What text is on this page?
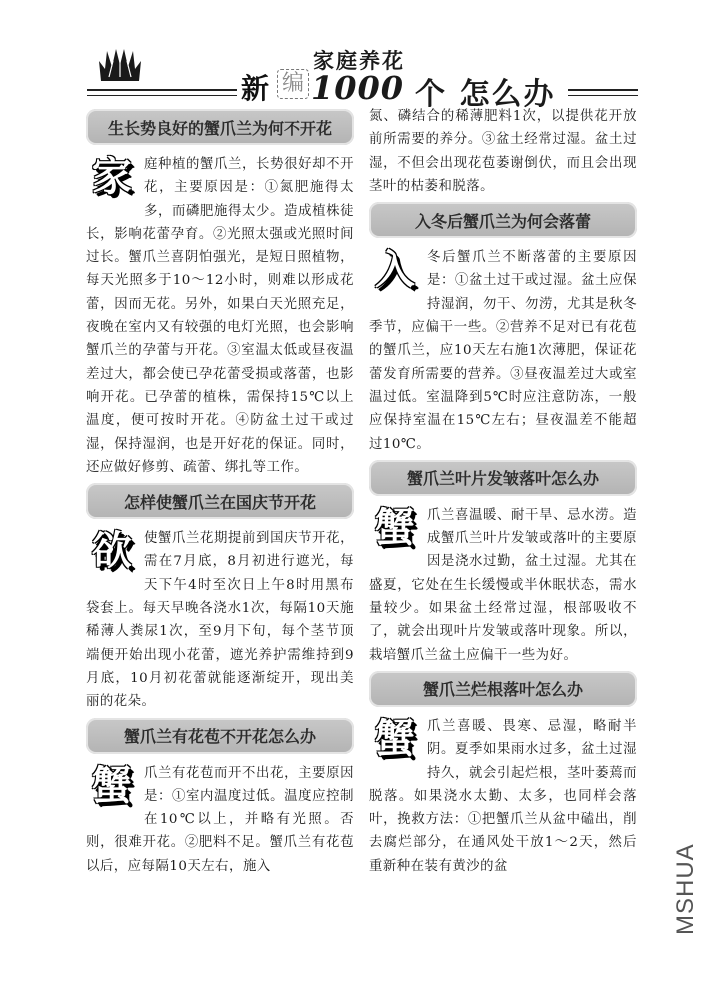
新 编
家庭养花
1000 个 怎么办
生长势良好的蟹爪兰为何不开花

家 庭种植的蟹爪兰，长势很好却不开花，主要原因是：①氮肥施得太多，而磷肥施得太少。造成植株徒长，影响花蕾孕育。②光照太强或光照时间过长。蟹爪兰喜阴怕强光，是短日照植物，每天光照多于10～12小时，则难以形成花蕾，因而无花。另外，如果白天光照充足，夜晚在室内又有较强的电灯光照，也会影响蟹爪兰的孕蕾与开花。③室温太低或昼夜温差过大，都会使已孕花蕾受损或落蕾，也影响开花。已孕蕾的植株，需保持15℃以上温度，便可按时开花。④防盆土过干或过湿，保持湿润，也是开好花的保证。同时，还应做好修剪、疏蕾、绑扎等工作。

怎样使蟹爪兰在国庆节开花

欲 使蟹爪兰花期提前到国庆节开花，需在7月底，8月初进行遮光，每天下午4时至次日上午8时用黑布袋套上。每天早晚各浇水1次，每隔10天施稀薄人粪尿1次，至9月下旬，每个茎节顶端便开始出现小花蕾，遮光养护需维持到9月底，10月初花蕾就能逐渐绽开，现出美丽的花朵。

蟹爪兰有花苞不开花怎么办

蟹 爪兰有花苞而开不出花，主要原因是：①室内温度过低。温度应控制在10℃以上，并略有光照。否则，很难开花。②肥料不足。蟹爪兰有花苞以后，应每隔10天左右，施入

氮、磷结合的稀薄肥料1次，以提供花开放前所需要的养分。③盆土经常过湿。盆土过湿，不但会出现花苞萎谢倒伏，而且会出现茎叶的枯萎和脱落。

入冬后蟹爪兰为何会落蕾

入 冬后蟹爪兰不断落蕾的主要原因是：①盆土过干或过湿。盆土应保持湿润，勿干、勿涝，尤其是秋冬季节，应偏干一些。②营养不足对已有花苞的蟹爪兰，应10天左右施1次薄肥，保证花蕾发育所需要的营养。③昼夜温差过大或室温过低。室温降到5℃时应注意防冻，一般应保持室温在15℃左右；昼夜温差不能超过10℃。

蟹爪兰叶片发皱落叶怎么办

蟹 爪兰喜温暖、耐干旱、忌水涝。造成蟹爪兰叶片发皱或落叶的主要原因是浇水过勤，盆土过湿。尤其在盛夏，它处在生长缓慢或半休眠状态，需水量较少。如果盆土经常过湿，根部吸收不了，就会出现叶片发皱或落叶现象。所以，栽培蟹爪兰盆土应偏干一些为好。

蟹爪兰烂根落叶怎么办

蟹 爪兰喜暖、畏寒、忌湿，略耐半阴。夏季如果雨水过多，盆土过湿持久，就会引起烂根，茎叶萎蔫而脱落。如果浇水太勤、太多，也同样会落叶，挽救方法：①把蟹爪兰从盆中磕出，削去腐烂部分，在通风处干放1～2天，然后重新种在装有黄沙的盆	MSHUA
